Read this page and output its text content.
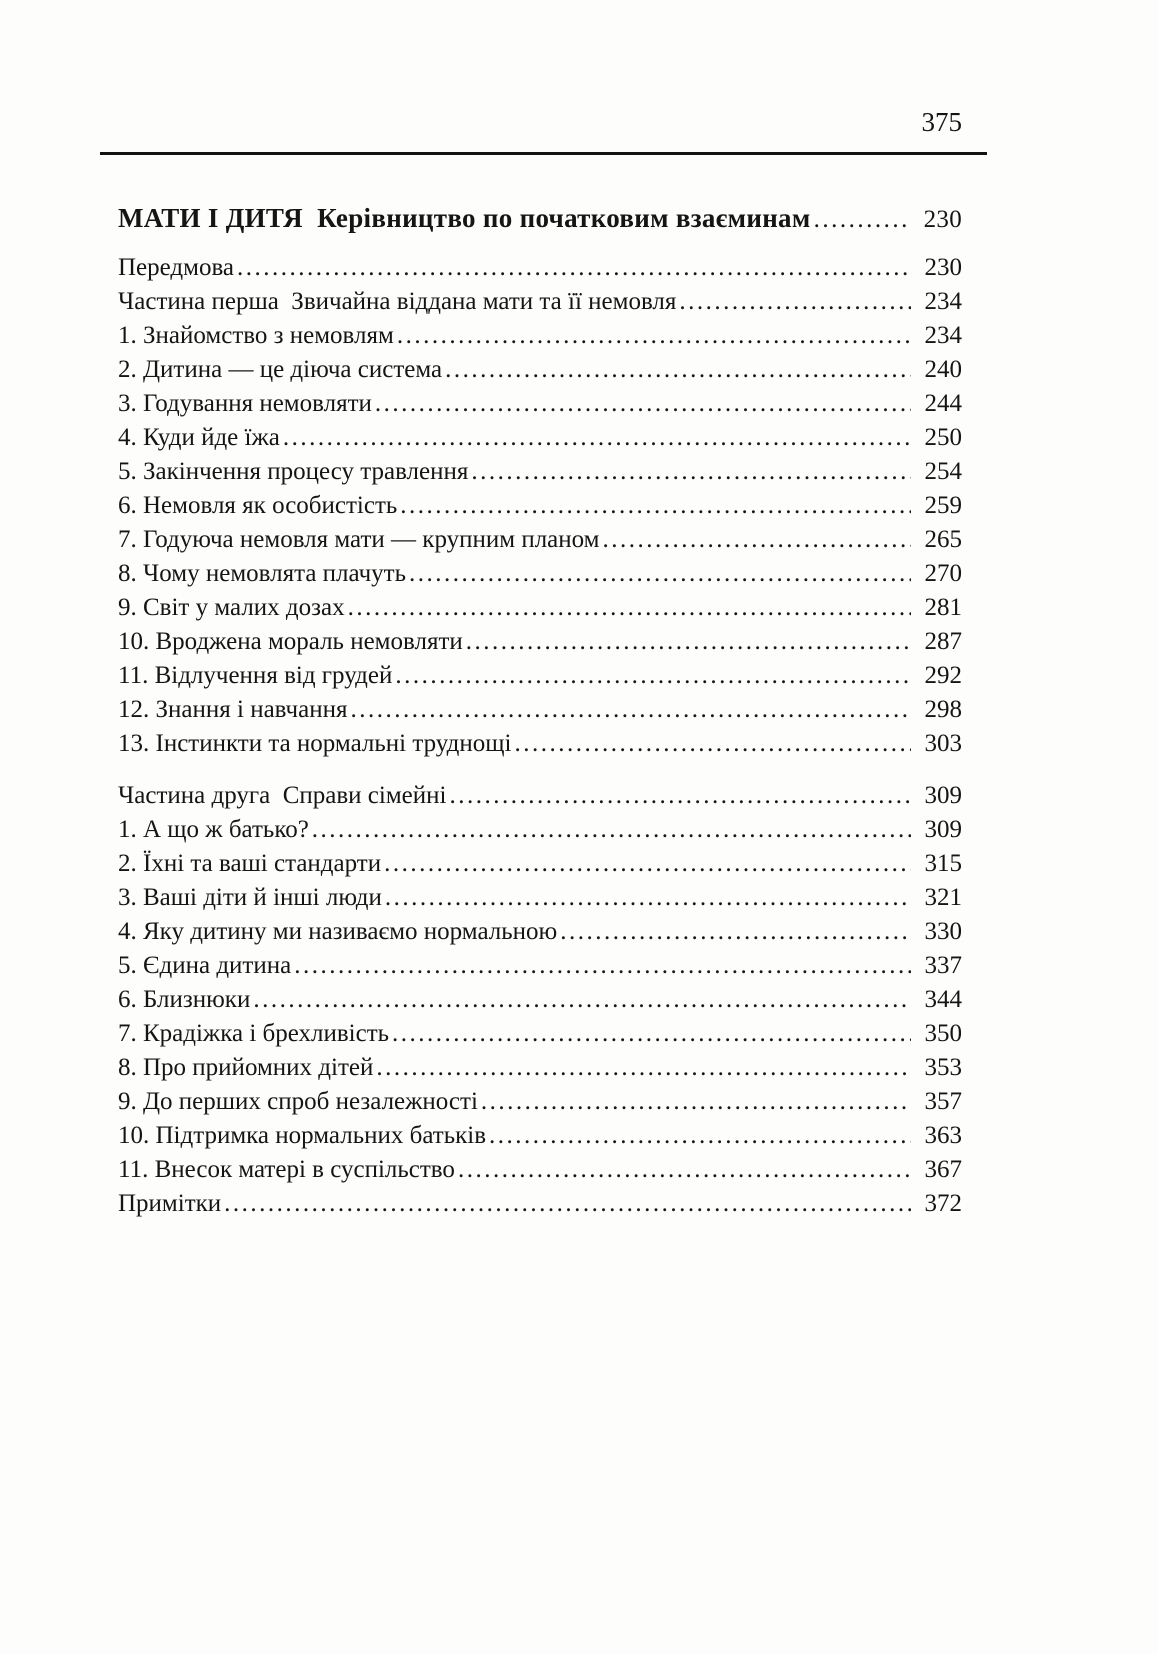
375
МАТИ І ДИТЯ  Керівництво по початковим взаєминам .....	230
Передмова .....	230
Частина перша  Звичайна віддана мати та її немовля .....	234
1. Знайомство з немовлям .....	234
2. Дитина — це діюча система .....	240
3. Годування немовляти .....	244
4. Куди йде їжа .....	250
5. Закінчення процесу травлення .....	254
6. Немовля як особистість .....	259
7. Годуюча немовля мати — крупним планом .....	265
8. Чому немовлята плачуть .....	270
9. Світ у малих дозах .....	281
10. Вроджена мораль немовляти .....	287
11. Відлучення від грудей .....	292
12. Знання і навчання .....	298
13. Інстинкти та нормальні труднощі .....	303
Частина друга  Справи сімейні .....	309
1. А що ж батько? .....	309
2. Їхні та ваші стандарти .....	315
3. Ваші діти й інші люди .....	321
4. Яку дитину ми називаємо нормальною .....	330
5. Єдина дитина .....	337
6. Близнюки .....	344
7. Крадіжка і брехливість .....	350
8. Про прийомних дітей .....	353
9. До перших спроб незалежності .....	357
10. Підтримка нормальних батьків .....	363
11. Внесок матері в суспільство .....	367
Примітки .....	372
